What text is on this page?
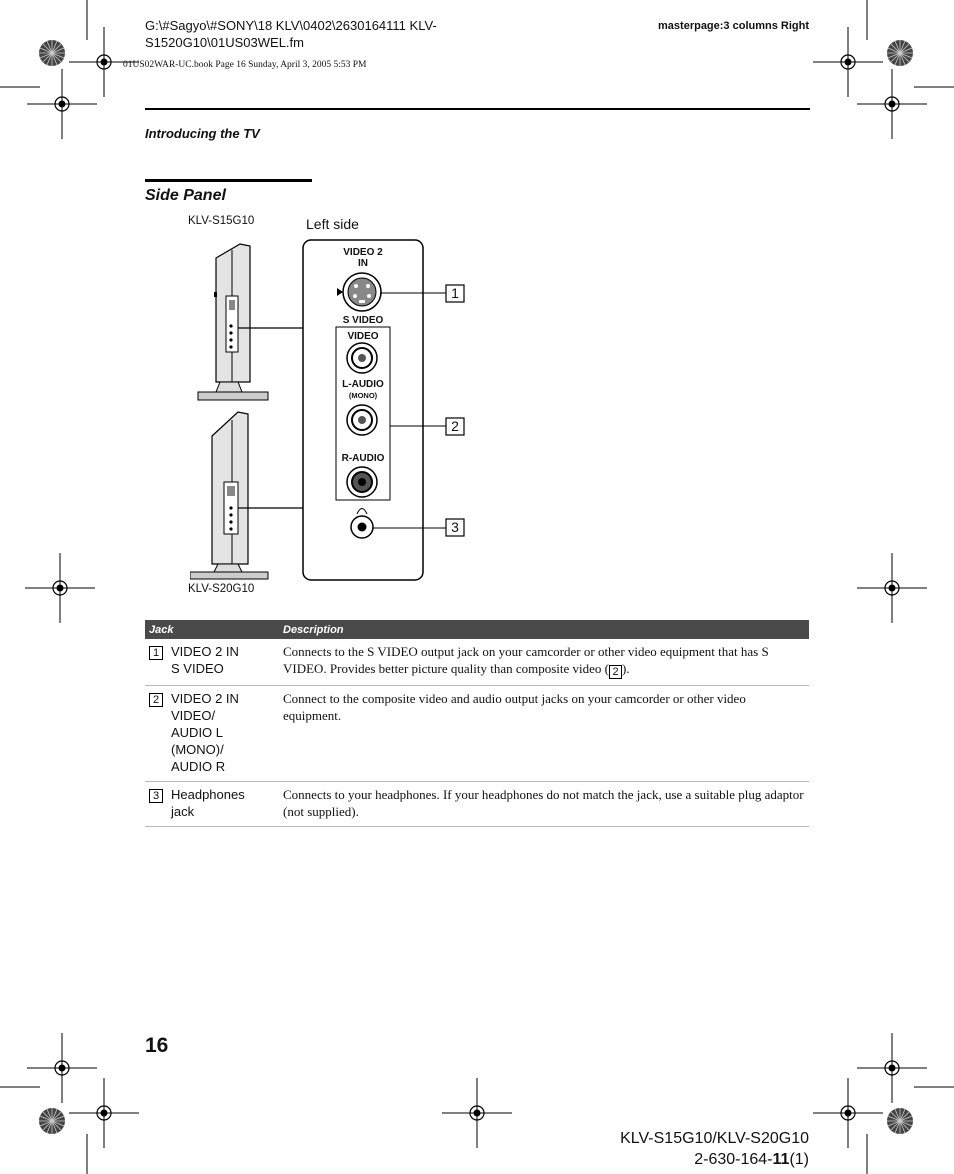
G:\#Sagyo\#SONY\18 KLV\0402\2630164111 KLV-
S1520G10\01US03WEL.fm
masterpage:3 columns Right
01US02WAR-UC.book Page 16 Sunday, April 3, 2005 5:53 PM
Introducing the TV
Side Panel
KLV-S15G10	Left side
KLV-S20G10
VIDEO 2
IN
S VIDEO
VIDEO
L-AUDIO
(MONO)
R-AUDIO
1
2
3
Jack		Description
1	VIDEO 2 IN
S VIDEO	Connects to the S VIDEO output jack on your camcorder or other video equipment that has S VIDEO. Provides better picture quality than composite video ( 2 ).
2	VIDEO 2 IN
VIDEO/
AUDIO L
(MONO)/
AUDIO R	Connect to the composite video and audio output jacks on your camcorder or other video equipment.
3	Headphones
jack	Connects to your headphones. If your headphones do not match the jack, use a suitable plug adaptor (not supplied).
16
KLV-S15G10/KLV-S20G10
2-630-164-11(1)
